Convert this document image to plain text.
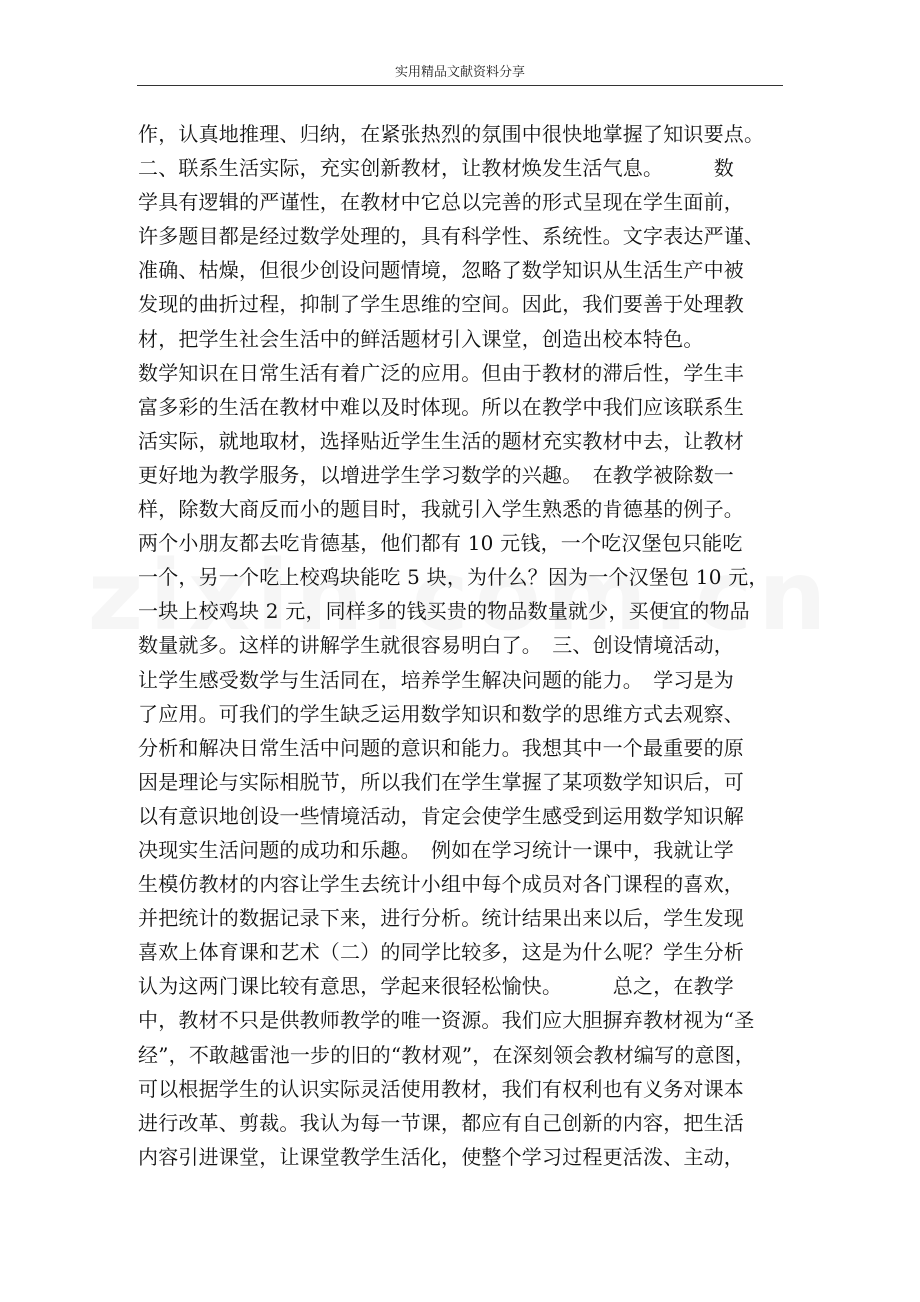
实用精品文献资料分享
作，认真地推理、归纳，在紧张热烈的氛围中很快地掌握了知识要点。
二、联系生活实际，充实创新教材，让教材焕发生活气息。　　　数
学具有逻辑的严谨性，在教材中它总以完善的形式呈现在学生面前，
许多题目都是经过数学处理的，具有科学性、系统性。文字表达严谨、
准确、枯燥，但很少创设问题情境，忽略了数学知识从生活生产中被
发现的曲折过程，抑制了学生思维的空间。因此，我们要善于处理教
材，把学生社会生活中的鲜活题材引入课堂，创造出校本特色。
数学知识在日常生活有着广泛的应用。但由于教材的滞后性，学生丰
富多彩的生活在教材中难以及时体现。所以在教学中我们应该联系生
活实际，就地取材，选择贴近学生生活的题材充实教材中去，让教材
更好地为教学服务，以增进学生学习数学的兴趣。　在教学被除数一
样，除数大商反而小的题目时，我就引入学生熟悉的肯德基的例子。
两个小朋友都去吃肯德基，他们都有 10 元钱，一个吃汉堡包只能吃
一个，另一个吃上校鸡块能吃 5 块，为什么？因为一个汉堡包 10 元，
一块上校鸡块 2 元，同样多的钱买贵的物品数量就少，买便宜的物品
数量就多。这样的讲解学生就很容易明白了。　三、创设情境活动，
让学生感受数学与生活同在，培养学生解决问题的能力。　学习是为
了应用。可我们的学生缺乏运用数学知识和数学的思维方式去观察、
分析和解决日常生活中问题的意识和能力。我想其中一个最重要的原
因是理论与实际相脱节，所以我们在学生掌握了某项数学知识后，可
以有意识地创设一些情境活动，肯定会使学生感受到运用数学知识解
决现实生活问题的成功和乐趣。　例如在学习统计一课中，我就让学
生模仿教材的内容让学生去统计小组中每个成员对各门课程的喜欢，
并把统计的数据记录下来，进行分析。统计结果出来以后，学生发现
喜欢上体育课和艺术（二）的同学比较多，这是为什么呢？学生分析
认为这两门课比较有意思，学起来很轻松愉快。　　　总之，在教学
中，教材不只是供教师教学的唯一资源。我们应大胆摒弃教材视为“圣
经”，不敢越雷池一步的旧的“教材观”，在深刻领会教材编写的意图，
可以根据学生的认识实际灵活使用教材，我们有权利也有义务对课本
进行改革、剪裁。我认为每一节课，都应有自己创新的内容，把生活
内容引进课堂，让课堂教学生活化，使整个学习过程更活泼、主动，
